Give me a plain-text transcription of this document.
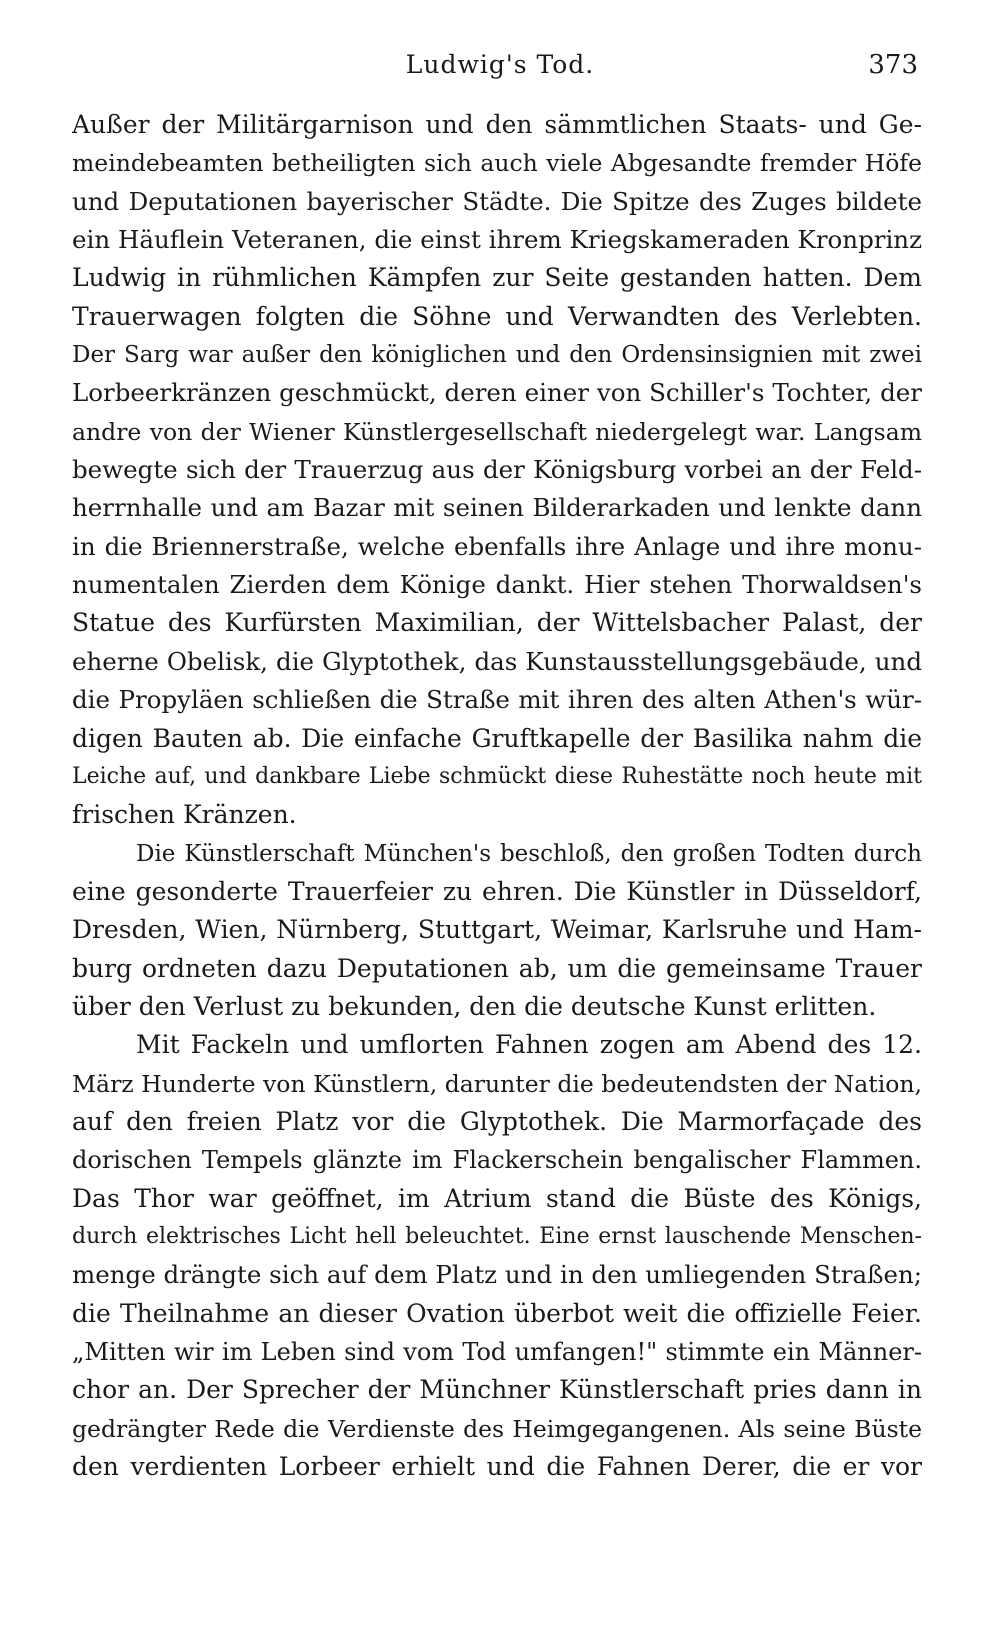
Ludwig's Tod.	373
Außer der Militärgarnison und den sämmtlichen Staats- und Ge-
meindebeamten betheiligten sich auch viele Abgesandte fremder Höfe
und Deputationen bayerischer Städte. Die Spitze des Zuges bildete
ein Häuflein Veteranen, die einst ihrem Kriegskameraden Kronprinz
Ludwig in rühmlichen Kämpfen zur Seite gestanden hatten. Dem
Trauerwagen folgten die Söhne und Verwandten des Verlebten.
Der Sarg war außer den königlichen und den Ordensinsignien mit zwei
Lorbeerkränzen geschmückt, deren einer von Schiller's Tochter, der
andre von der Wiener Künstlergesellschaft niedergelegt war. Langsam
bewegte sich der Trauerzug aus der Königsburg vorbei an der Feld-
herrnhalle und am Bazar mit seinen Bilderarkaden und lenkte dann
in die Briennerstraße, welche ebenfalls ihre Anlage und ihre monu-
numentalen Zierden dem Könige dankt. Hier stehen Thorwaldsen's
Statue des Kurfürsten Maximilian, der Wittelsbacher Palast, der
eherne Obelisk, die Glyptothek, das Kunstausstellungsgebäude, und
die Propyläen schließen die Straße mit ihren des alten Athen's wür-
digen Bauten ab. Die einfache Gruftkapelle der Basilika nahm die
Leiche auf, und dankbare Liebe schmückt diese Ruhestätte noch heute mit
frischen Kränzen.
Die Künstlerschaft München's beschloß, den großen Todten durch
eine gesonderte Trauerfeier zu ehren. Die Künstler in Düsseldorf,
Dresden, Wien, Nürnberg, Stuttgart, Weimar, Karlsruhe und Ham-
burg ordneten dazu Deputationen ab, um die gemeinsame Trauer
über den Verlust zu bekunden, den die deutsche Kunst erlitten.
Mit Fackeln und umflorten Fahnen zogen am Abend des 12.
März Hunderte von Künstlern, darunter die bedeutendsten der Nation,
auf den freien Platz vor die Glyptothek. Die Marmorfaçade des
dorischen Tempels glänzte im Flackerschein bengalischer Flammen.
Das Thor war geöffnet, im Atrium stand die Büste des Königs,
durch elektrisches Licht hell beleuchtet. Eine ernst lauschende Menschen-
menge drängte sich auf dem Platz und in den umliegenden Straßen;
die Theilnahme an dieser Ovation überbot weit die offizielle Feier.
„Mitten wir im Leben sind vom Tod umfangen!" stimmte ein Männer-
chor an. Der Sprecher der Münchner Künstlerschaft pries dann in
gedrängter Rede die Verdienste des Heimgegangenen. Als seine Büste
den verdienten Lorbeer erhielt und die Fahnen Derer, die er vor
